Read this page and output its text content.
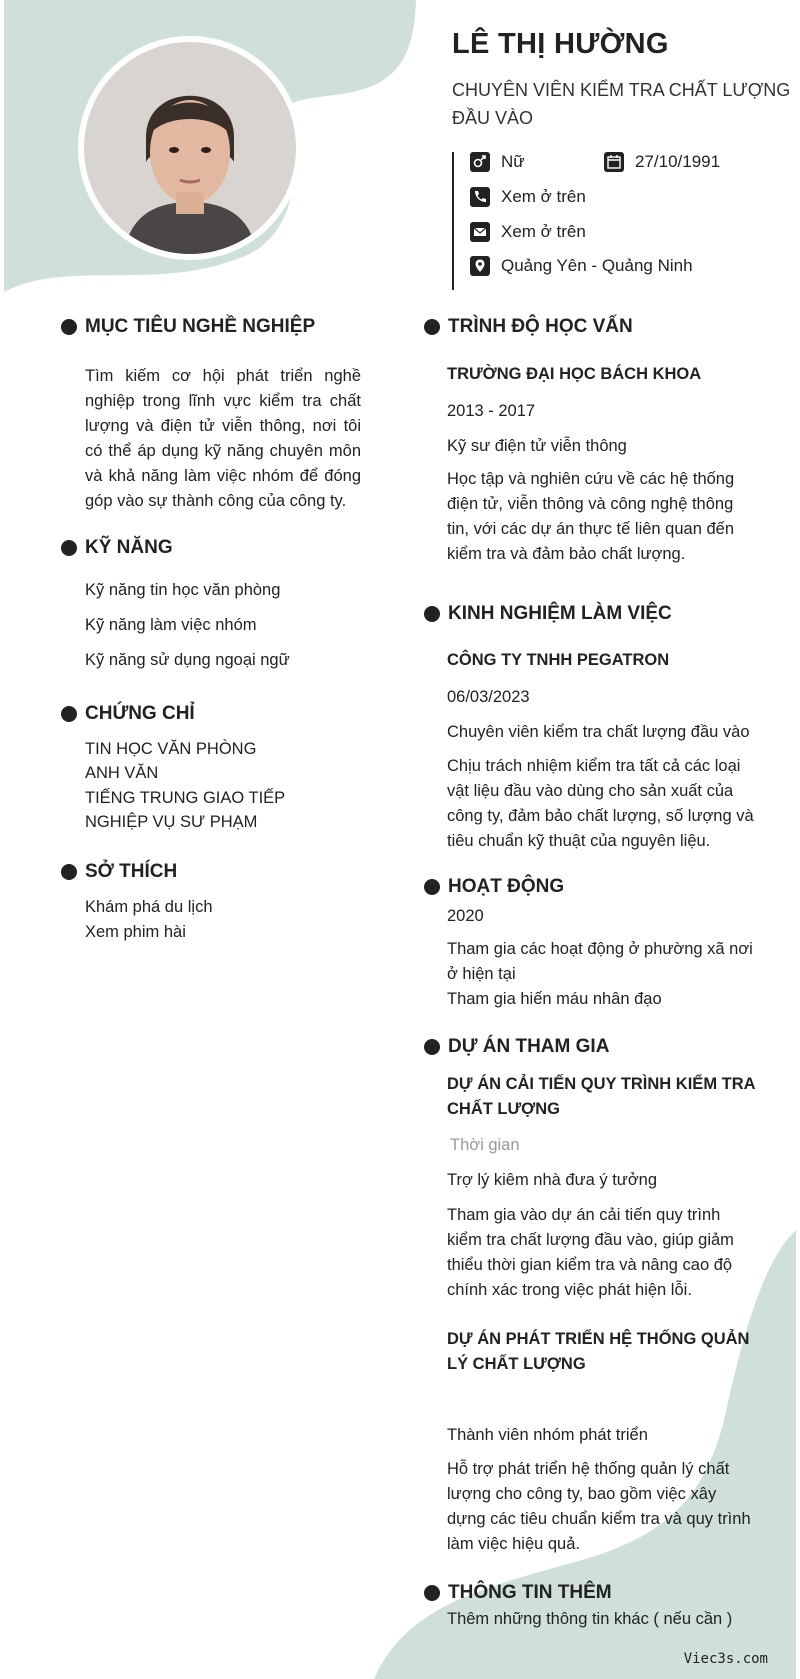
LÊ THỊ HƯỜNG
CHUYÊN VIÊN KIỂM TRA CHẤT LƯỢNG ĐẦU VÀO
Nữ	27/10/1991
Xem ở trên
Xem ở trên
Quảng Yên - Quảng Ninh
MỤC TIÊU NGHỀ NGHIỆP
Tìm kiếm cơ hội phát triển nghề nghiệp trong lĩnh vực kiểm tra chất lượng và điện tử viễn thông, nơi tôi có thể áp dụng kỹ năng chuyên môn và khả năng làm việc nhóm để đóng góp vào sự thành công của công ty.
KỸ NĂNG
Kỹ năng tin học văn phòng
Kỹ năng làm việc nhóm
Kỹ năng sử dụng ngoại ngữ
CHỨNG CHỈ
TIN HỌC VĂN PHÒNG
ANH VĂN
TIẾNG TRUNG GIAO TIẾP
NGHIỆP VỤ SƯ PHẠM
SỞ THÍCH
Khám phá du lịch
Xem phim hài
TRÌNH ĐỘ HỌC VẤN
TRƯỜNG ĐẠI HỌC BÁCH KHOA
2013 - 2017
Kỹ sư điện tử viễn thông
Học tập và nghiên cứu về các hệ thống điện tử, viễn thông và công nghệ thông tin, với các dự án thực tế liên quan đến kiểm tra và đảm bảo chất lượng.
KINH NGHIỆM LÀM VIỆC
CÔNG TY TNHH PEGATRON
06/03/2023
Chuyên viên kiểm tra chất lượng đầu vào
Chịu trách nhiệm kiểm tra tất cả các loại vật liệu đầu vào dùng cho sản xuất của công ty, đảm bảo chất lượng, số lượng và tiêu chuẩn kỹ thuật của nguyên liệu.
HOẠT ĐỘNG
2020
Tham gia các hoạt động ở phường xã nơi ở hiện tại
Tham gia hiến máu nhân đạo
DỰ ÁN THAM GIA
DỰ ÁN CẢI TIẾN QUY TRÌNH KIỂM TRA CHẤT LƯỢNG
Thời gian
Trợ lý kiêm nhà đưa ý tưởng
Tham gia vào dự án cải tiến quy trình kiểm tra chất lượng đầu vào, giúp giảm thiểu thời gian kiểm tra và nâng cao độ chính xác trong việc phát hiện lỗi.
DỰ ÁN PHÁT TRIỂN HỆ THỐNG QUẢN LÝ CHẤT LƯỢNG
Thành viên nhóm phát triển
Hỗ trợ phát triển hệ thống quản lý chất lượng cho công ty, bao gồm việc xây dựng các tiêu chuẩn kiểm tra và quy trình làm việc hiệu quả.
THÔNG TIN THÊM
Thêm những thông tin khác ( nếu cần )
Viec3s.com
